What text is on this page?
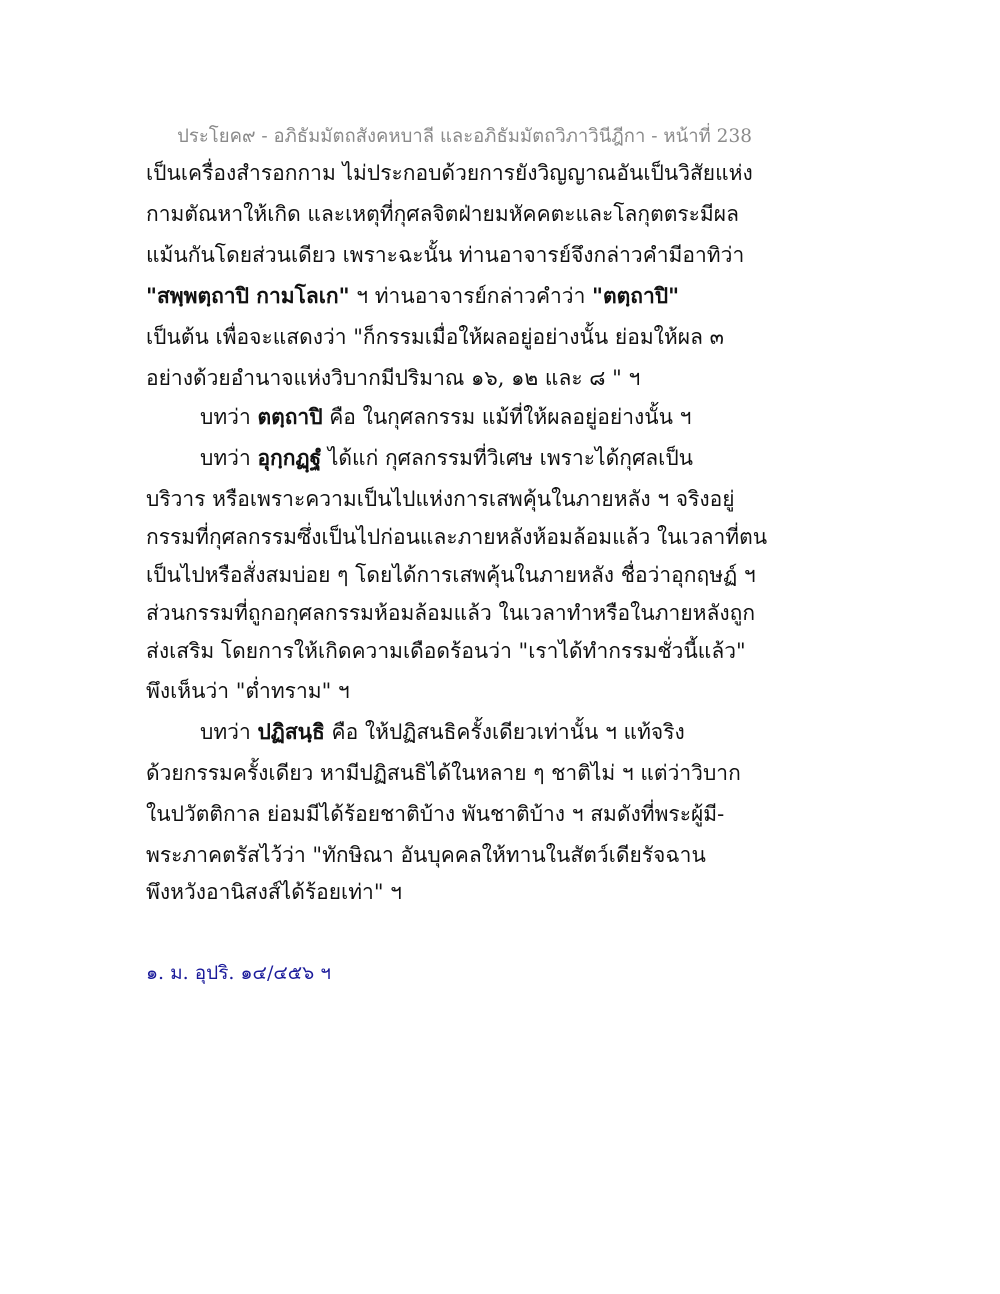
ประโยค๙ - อภิธัมมัตถสังคหบาลี และอภิธัมมัตถวิภาวินีฎีกา - หน้าที่ 238
เป็นเครื่องสำรอกกาม ไม่ประกอบด้วยการยังวิญญาณอันเป็นวิสัยแห่ง
กามตัณหาให้เกิด และเหตุที่กุศลจิตฝ่ายมหัคคตะและโลกุตตระมีผล
แม้นกันโดยส่วนเดียว เพราะฉะนั้น ท่านอาจารย์จึงกล่าวคำมีอาทิว่า
"สพฺพตฺถาปิ กามโลเก" ฯ ท่านอาจารย์กล่าวคำว่า "ตตฺถาปิ"
เป็นต้น เพื่อจะแสดงว่า "ก็กรรมเมื่อให้ผลอยู่อย่างนั้น ย่อมให้ผล ๓
อย่างด้วยอำนาจแห่งวิบากมีปริมาณ ๑๖, ๑๒ และ ๘ " ฯ
บทว่า ตตฺถาปิ คือ ในกุศลกรรม แม้ที่ให้ผลอยู่อย่างนั้น ฯ
บทว่า อุกฺกฏฺฐํ ได้แก่ กุศลกรรมที่วิเศษ เพราะได้กุศลเป็น
บริวาร หรือเพราะความเป็นไปแห่งการเสพคุ้นในภายหลัง ฯ จริงอยู่
กรรมที่กุศลกรรมซึ่งเป็นไปก่อนและภายหลังห้อมล้อมแล้ว ในเวลาที่ตน
เป็นไปหรือสั่งสมบ่อย ๆ โดยได้การเสพคุ้นในภายหลัง ชื่อว่าอุกฤษฏ์ ฯ
ส่วนกรรมที่ถูกอกุศลกรรมห้อมล้อมแล้ว ในเวลาทำหรือในภายหลังถูก
ส่งเสริม โดยการให้เกิดความเดือดร้อนว่า "เราได้ทำกรรมชั่วนี้แล้ว"
พึงเห็นว่า "ต่ำทราม" ฯ
บทว่า ปฏิสนฺธิ คือ ให้ปฏิสนธิครั้งเดียวเท่านั้น ฯ แท้จริง
ด้วยกรรมครั้งเดียว หามีปฏิสนธิได้ในหลาย ๆ ชาติไม่ ฯ แต่ว่าวิบาก
ในปวัตติกาล ย่อมมีได้ร้อยชาติบ้าง พันชาติบ้าง ฯ สมดังที่พระผู้มี-
พระภาคตรัสไว้ว่า "ทักษิณา อันบุคคลให้ทานในสัตว์เดียรัจฉาน
พึงหวังอานิสงส์ได้ร้อยเท่า" ฯ
๑. ม. อุปริ. ๑๔/๔๕๖ ฯ
